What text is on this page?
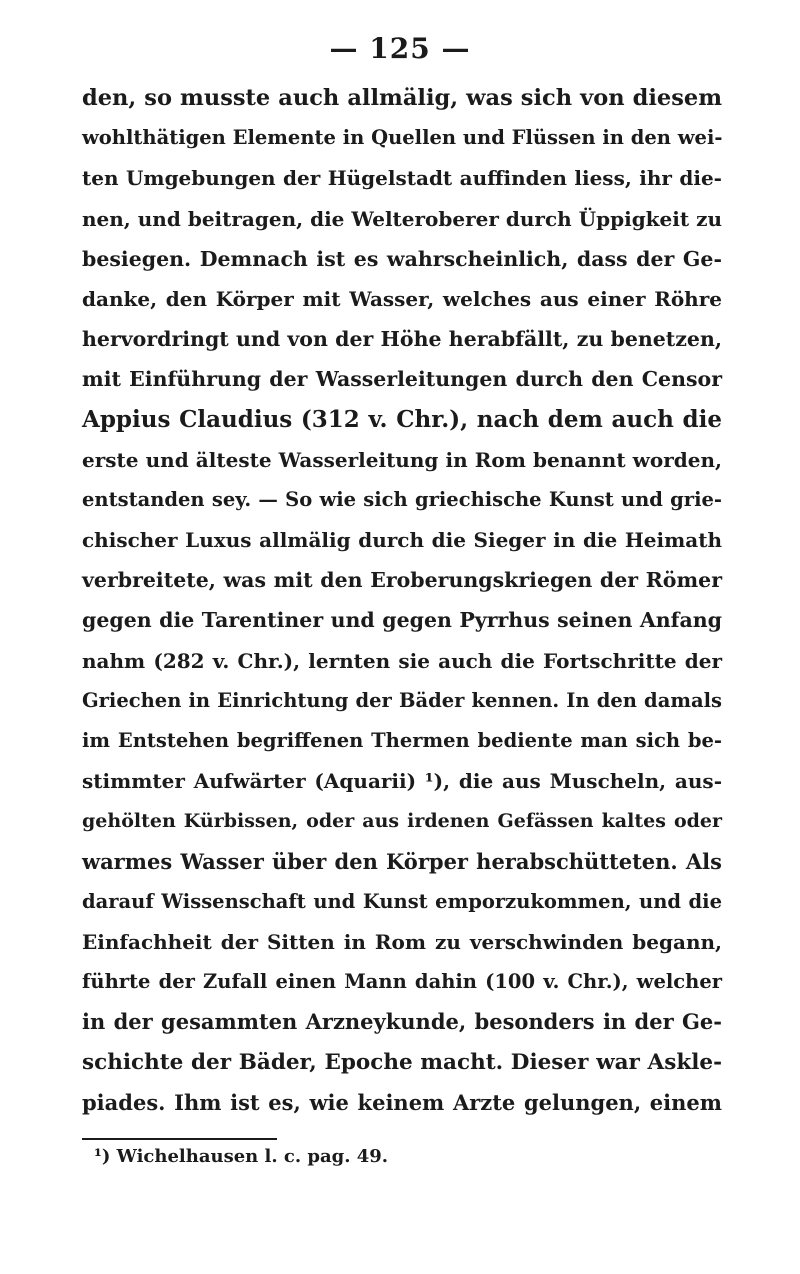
— 125 —
den, so musste auch allmälig, was sich von diesem
wohlthätigen Elemente in Quellen und Flüssen in den wei-
ten Umgebungen der Hügelstadt auffinden liess, ihr die-
nen, und beitragen, die Welteroberer durch Üppigkeit zu
besiegen. Demnach ist es wahrscheinlich, dass der Ge-
danke, den Körper mit Wasser, welches aus einer Röhre
hervordringt und von der Höhe herabfällt, zu benetzen,
mit Einführung der Wasserleitungen durch den Censor
Appius Claudius (312 v. Chr.), nach dem auch die
erste und älteste Wasserleitung in Rom benannt worden,
entstanden sey. — So wie sich griechische Kunst und grie-
chischer Luxus allmälig durch die Sieger in die Heimath
verbreitete, was mit den Eroberungskriegen der Römer
gegen die Tarentiner und gegen Pyrrhus seinen Anfang
nahm (282 v. Chr.), lernten sie auch die Fortschritte der
Griechen in Einrichtung der Bäder kennen. In den damals
im Entstehen begriffenen Thermen bediente man sich be-
stimmter Aufwärter (Aquarii) ¹), die aus Muscheln, aus-
gehölten Kürbissen, oder aus irdenen Gefässen kaltes oder
warmes Wasser über den Körper herabschütteten. Als
darauf Wissenschaft und Kunst emporzukommen, und die
Einfachheit der Sitten in Rom zu verschwinden begann,
führte der Zufall einen Mann dahin (100 v. Chr.), welcher
in der gesammten Arzneykunde, besonders in der Ge-
schichte der Bäder, Epoche macht. Dieser war Askle-
piades. Ihm ist es, wie keinem Arzte gelungen, einem
¹) Wichelhausen l. c. pag. 49.
